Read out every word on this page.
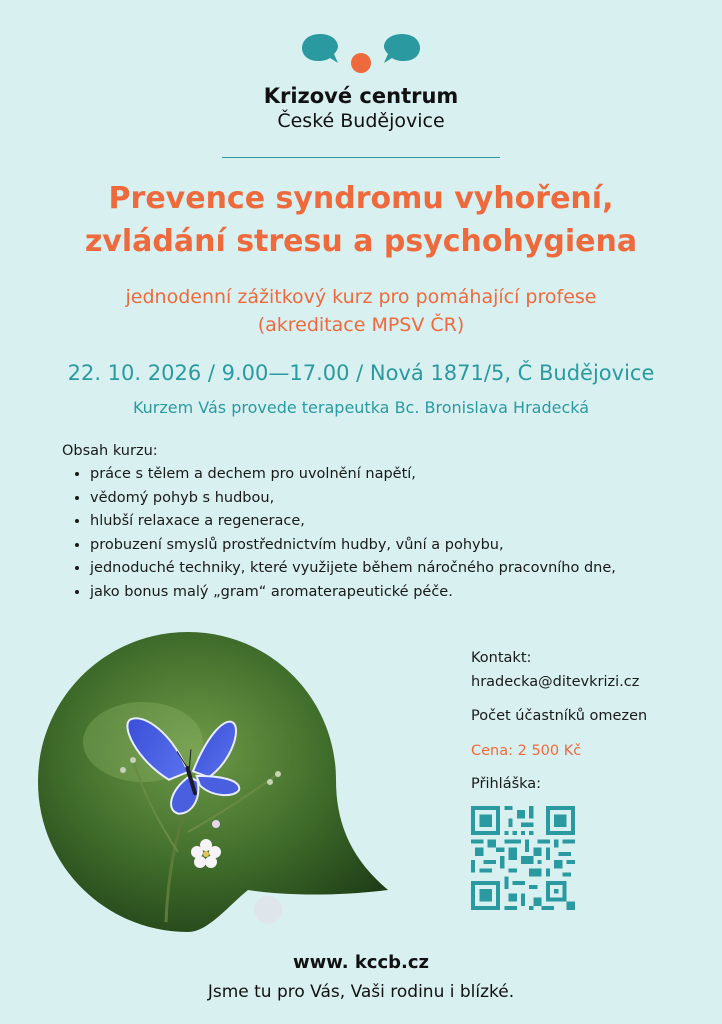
Krizové centrum
České Budějovice
Prevence syndromu vyhoření,
zvládání stresu a psychohygiena
jednodenní zážitkový kurz pro pomáhající profese
(akreditace MPSV ČR)
22. 10. 2026 / 9.00—17.00 / Nová 1871/5, Č Budějovice
Kurzem Vás provede terapeutka Bc. Bronislava Hradecká
Obsah kurzu:
• práce s tělem a dechem pro uvolnění napětí,
• vědomý pohyb s hudbou,
• hlubší relaxace a regenerace,
• probuzení smyslů prostřednictvím hudby, vůní a pohybu,
• jednoduché techniky, které využijete během náročného pracovního dne,
• jako bonus malý „gram“ aromaterapeutické péče.
Kontakt:
hradecka@ditevkrizi.cz
Počet účastníků omezen
Cena: 2 500 Kč
Přihláška:
www. kccb.cz
Jsme tu pro Vás, Vaši rodinu i blízké.
